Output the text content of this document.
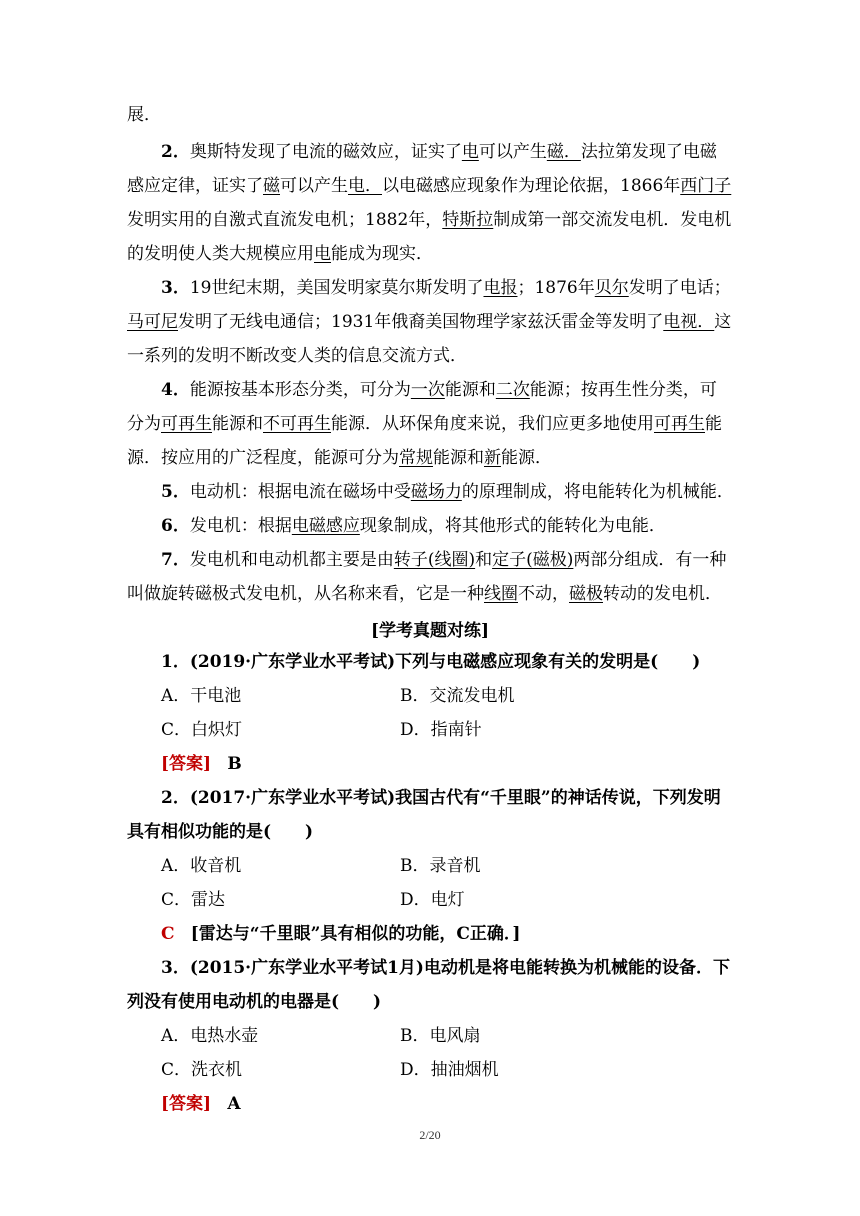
展．
2．奥斯特发现了电流的磁效应，证实了电可以产生磁．法拉第发现了电磁
感应定律，证实了磁可以产生电．以电磁感应现象作为理论依据，1866年西门子
发明实用的自激式直流发电机；1882年，特斯拉制成第一部交流发电机．发电机
的发明使人类大规模应用电能成为现实．
3．19世纪末期，美国发明家莫尔斯发明了电报；1876年贝尔发明了电话；
马可尼发明了无线电通信；1931年俄裔美国物理学家兹沃雷金等发明了电视．这
一系列的发明不断改变人类的信息交流方式．
4．能源按基本形态分类，可分为一次能源和二次能源；按再生性分类，可
分为可再生能源和不可再生能源．从环保角度来说，我们应更多地使用可再生能
源．按应用的广泛程度，能源可分为常规能源和新能源．
5．电动机：根据电流在磁场中受磁场力的原理制成，将电能转化为机械能．
6．发电机：根据电磁感应现象制成，将其他形式的能转化为电能．
7．发电机和电动机都主要是由转子(线圈)和定子(磁极)两部分组成．有一种
叫做旋转磁极式发电机，从名称来看，它是一种线圈不动，磁极转动的发电机．
[学考真题对练]
1．(2019·广东学业水平考试)下列与电磁感应现象有关的发明是(　　)
A．干电池	B．交流发电机
C．白炽灯	D．指南针
[答案] B
2．(2017·广东学业水平考试)我国古代有“千里眼”的神话传说，下列发明
具有相似功能的是(　　)
A．收音机	B．录音机
C．雷达	D．电灯
C [雷达与“千里眼”具有相似的功能，C正确．]
3．(2015·广东学业水平考试1月)电动机是将电能转换为机械能的设备．下
列没有使用电动机的电器是(　　)
A．电热水壶	B．电风扇
C．洗衣机	D．抽油烟机
[答案] A
2/20
